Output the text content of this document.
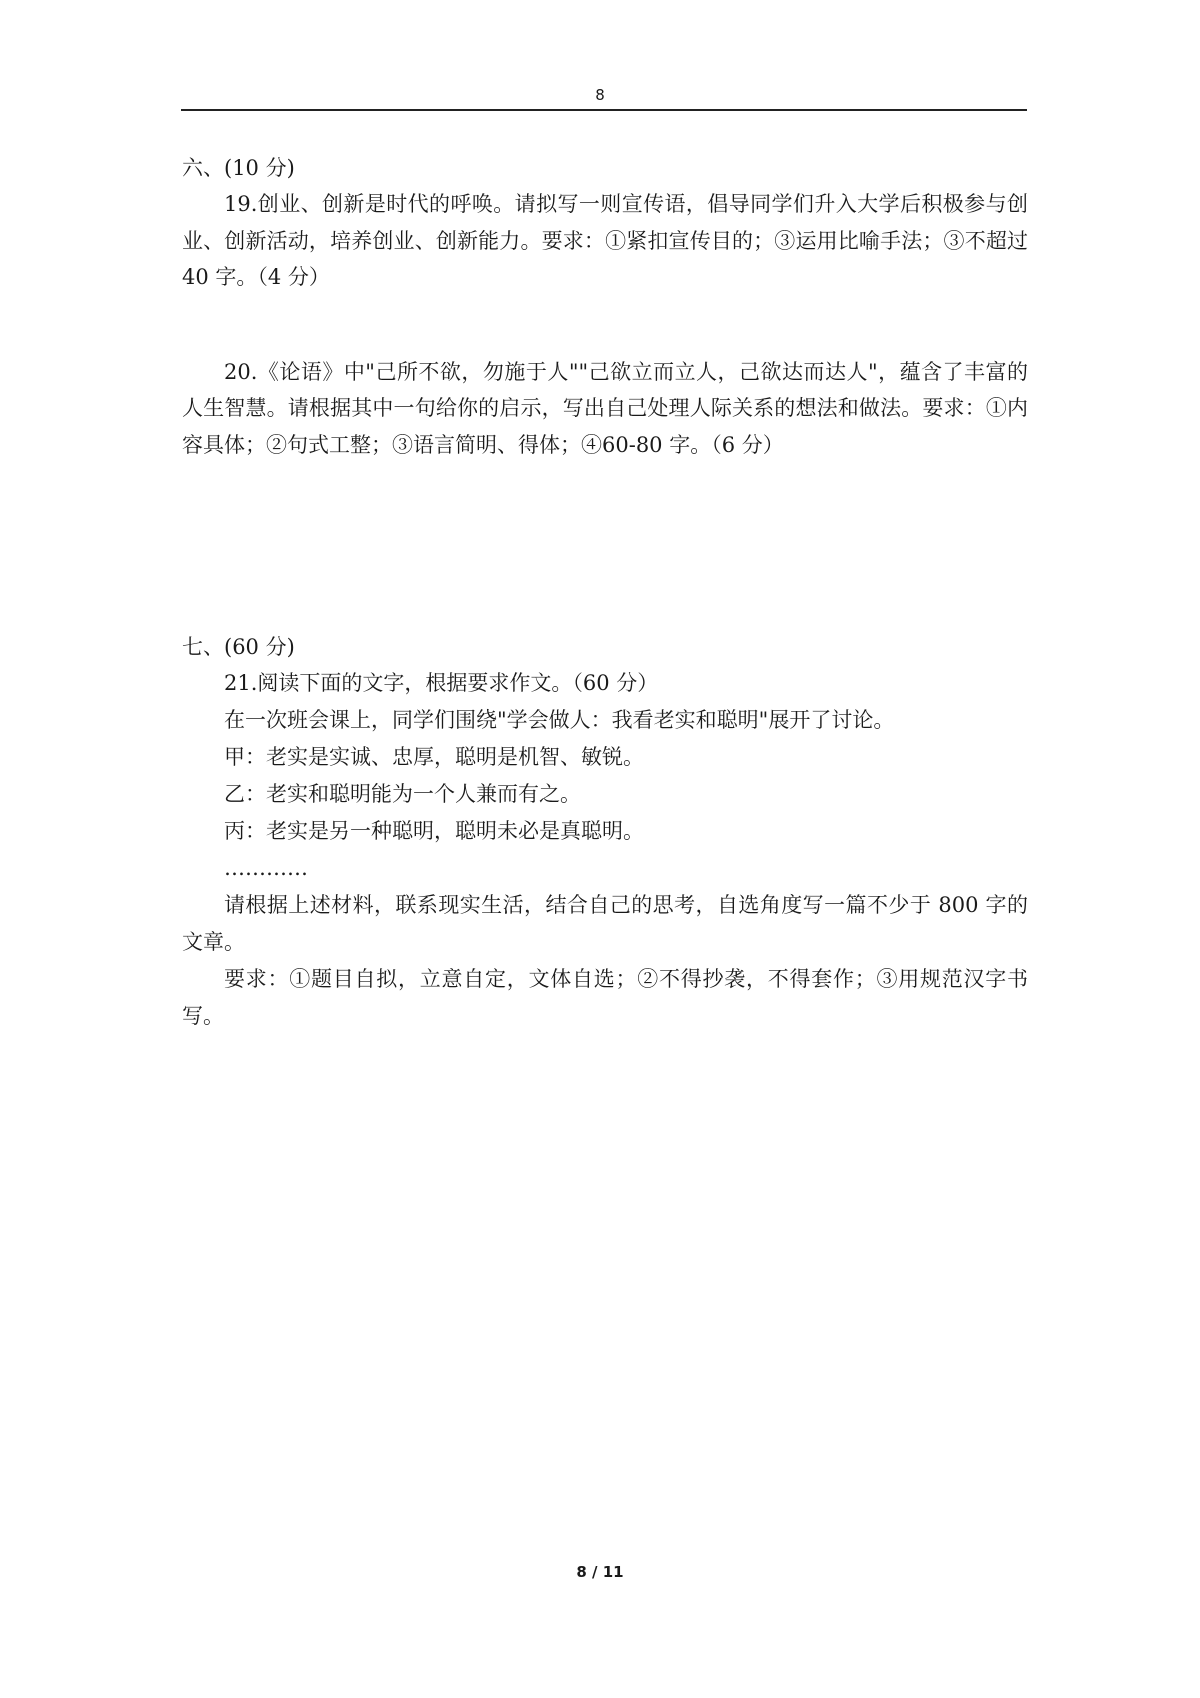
8
六、(10 分)

19.创业、创新是时代的呼唤。请拟写一则宣传语，倡导同学们升入大学后积极参与创业、创新活动，培养创业、创新能力。要求：①紧扣宣传目的；③运用比喻手法；③不超过 40 字。（4 分）

20.《论语》中"己所不欲，勿施于人""己欲立而立人，己欲达而达人"，蕴含了丰富的人生智慧。请根据其中一句给你的启示，写出自己处理人际关系的想法和做法。要求：①内容具体；②句式工整；③语言简明、得体；④60-80 字。（6 分）

七、(60 分)
21.阅读下面的文字，根据要求作文。（60 分）
在一次班会课上，同学们围绕"学会做人：我看老实和聪明"展开了讨论。
甲：老实是实诚、忠厚，聪明是机智、敏锐。
乙：老实和聪明能为一个人兼而有之。
丙：老实是另一种聪明，聪明未必是真聪明。
…………

请根据上述材料，联系现实生活，结合自己的思考，自选角度写一篇不少于 800 字的文章。

要求：①题目自拟，立意自定，文体自选；②不得抄袭，不得套作；③用规范汉字书写。

8 / 11
